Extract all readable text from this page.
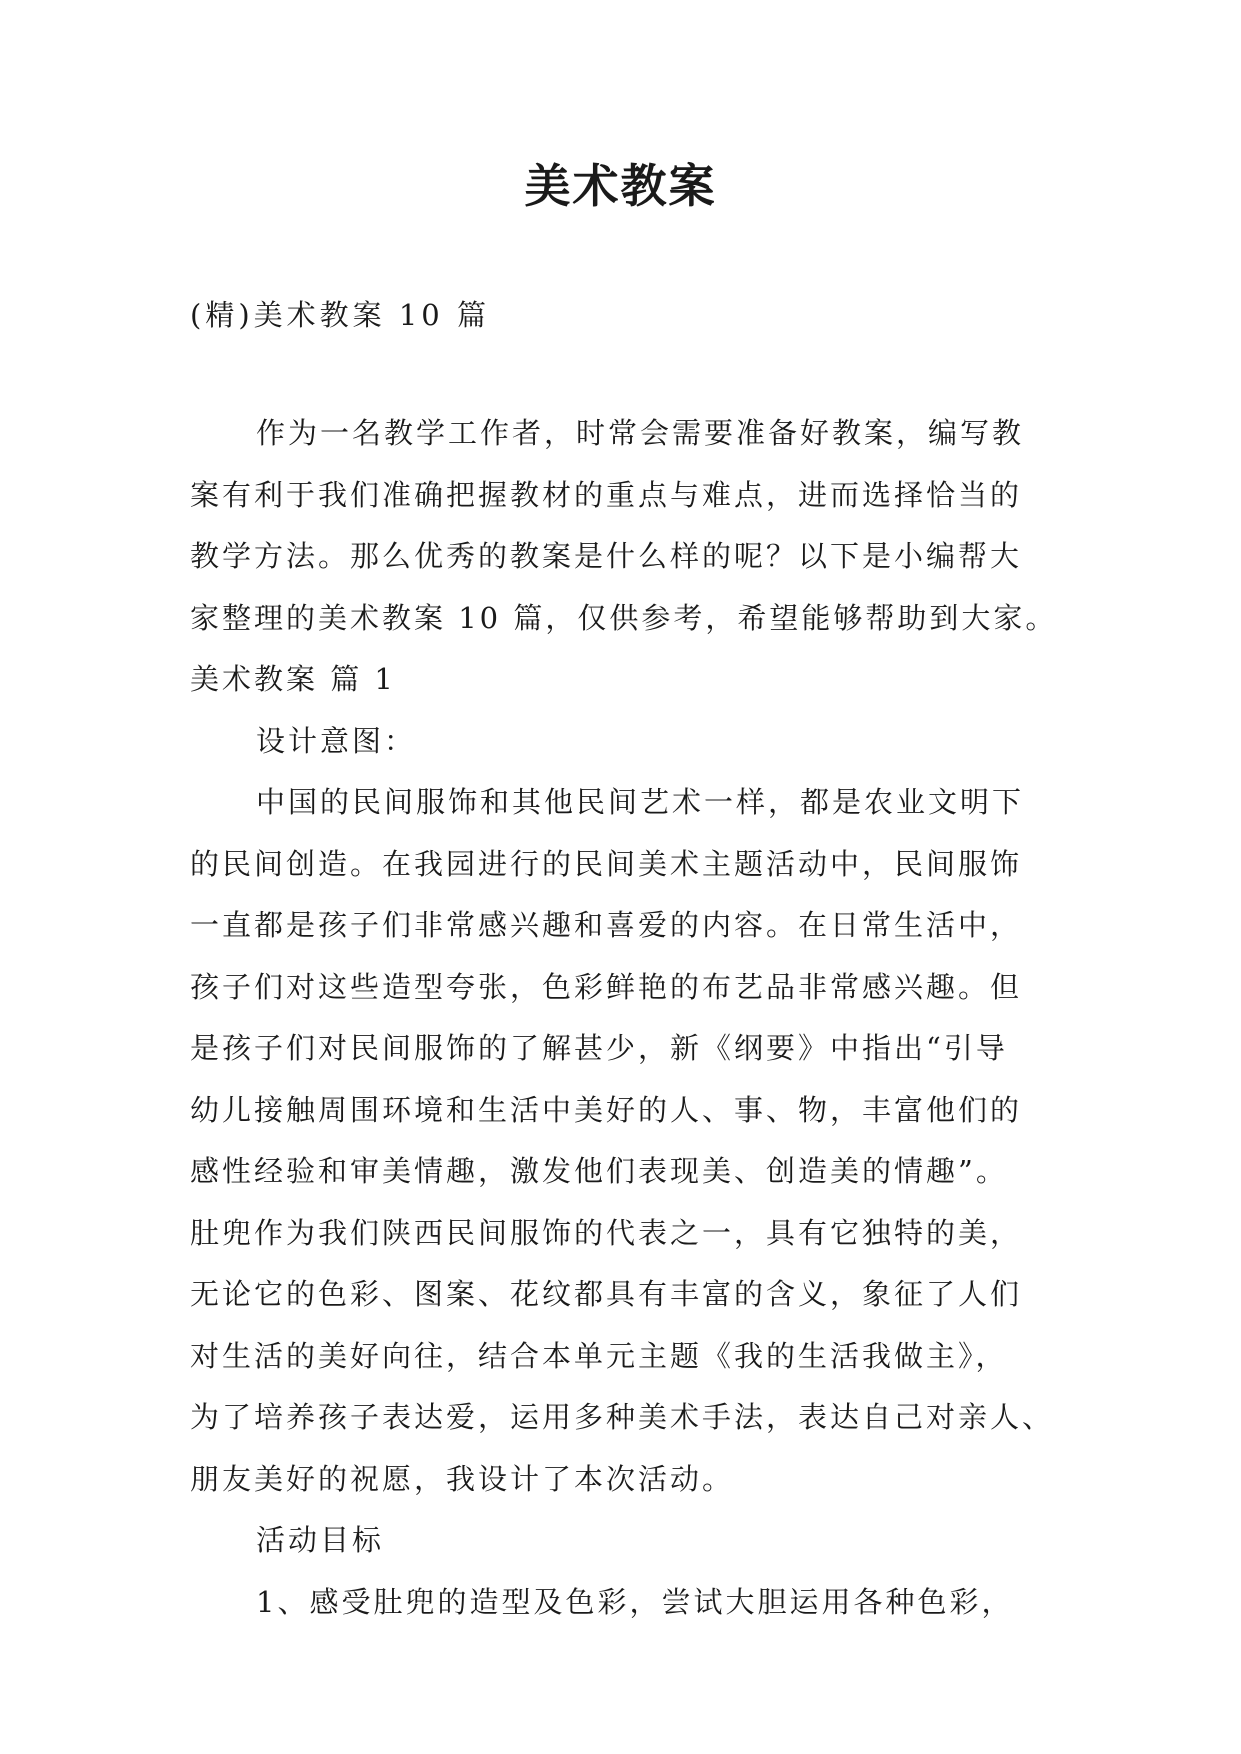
美术教案
(精)美术教案 10 篇
作为一名教学工作者，时常会需要准备好教案，编写教
案有利于我们准确把握教材的重点与难点，进而选择恰当的
教学方法。那么优秀的教案是什么样的呢？以下是小编帮大
家整理的美术教案 10 篇，仅供参考，希望能够帮助到大家。
美术教案 篇 1
设计意图：
中国的民间服饰和其他民间艺术一样，都是农业文明下
的民间创造。在我园进行的民间美术主题活动中，民间服饰
一直都是孩子们非常感兴趣和喜爱的内容。在日常生活中，
孩子们对这些造型夸张，色彩鲜艳的布艺品非常感兴趣。但
是孩子们对民间服饰的了解甚少，新《纲要》中指出“引导
幼儿接触周围环境和生活中美好的人、事、物，丰富他们的
感性经验和审美情趣，激发他们表现美、创造美的情趣”。
肚兜作为我们陕西民间服饰的代表之一，具有它独特的美，
无论它的色彩、图案、花纹都具有丰富的含义，象征了人们
对生活的美好向往，结合本单元主题《我的生活我做主》，
为了培养孩子表达爱，运用多种美术手法，表达自己对亲人、
朋友美好的祝愿，我设计了本次活动。
活动目标
1、感受肚兜的造型及色彩，尝试大胆运用各种色彩，
